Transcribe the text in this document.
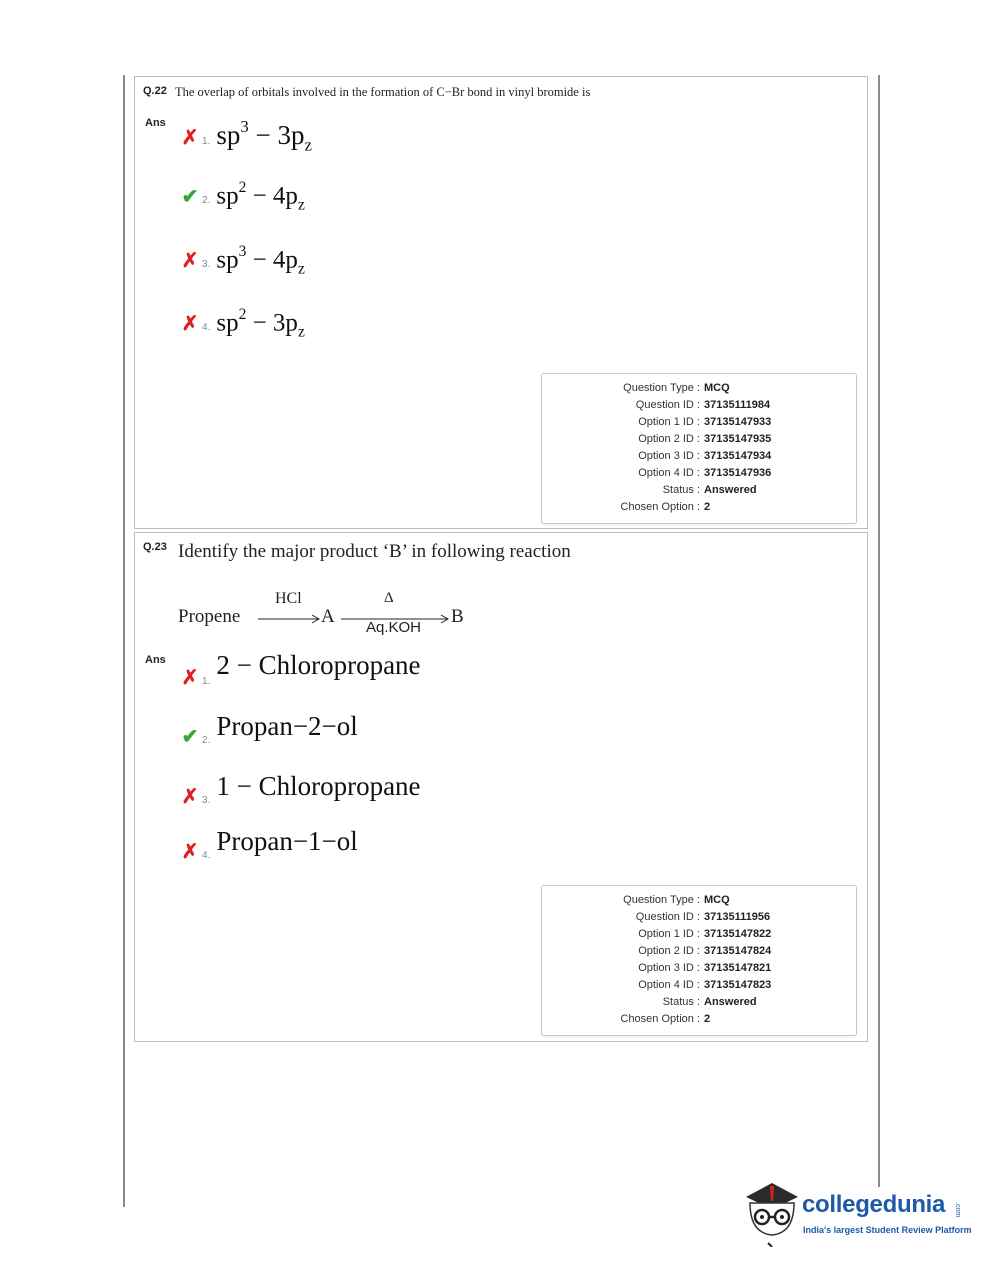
Q.22 The overlap of orbitals involved in the formation of C−Br bond in vinyl bromide is
Ans
✗ 1. $sp^3 - 3p_z$
✔ 2. $sp^2 - 4p_z$
✗ 3. $sp^3 - 4p_z$
✗ 4. $sp^2 - 3p_z$
Question Type : MCQ
Question ID : 37135111984
Option 1 ID : 37135147933
Option 2 ID : 37135147935
Option 3 ID : 37135147934
Option 4 ID : 37135147936
Status : Answered
Chosen Option : 2
Q.23 Identify the major product ‘B’ in following reaction
Propene
HCl
→ A
Δ
Aq.KOH
B
Ans
✗ 1.
2 − Chloropropane
✔ 2. Propan−2−ol
✗ 3. 1 − Chloropropane
✗ 4. Propan−1−ol
Question Type : MCQ
Question ID : 37135111956
Option 1 ID : 37135147822
Option 2 ID : 37135147824
Option 3 ID : 37135147821
Option 4 ID : 37135147823
Status : Answered
Chosen Option : 2
collegedunia .com
India's largest Student Review Platform
